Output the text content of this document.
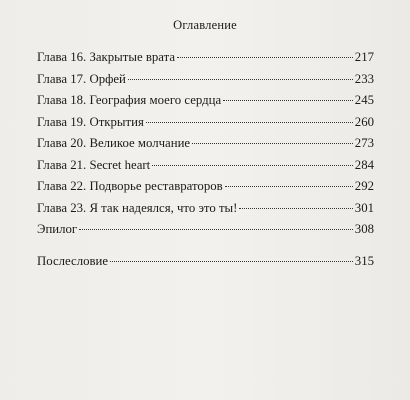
Оглавление
Глава 16. Закрытые врата	217
Глава 17. Орфей	233
Глава 18. География моего сердца	245
Глава 19. Открытия	260
Глава 20. Великое молчание	273
Глава 21. Secret heart	284
Глава 22. Подворье реставраторов	292
Глава 23. Я так надеялся, что это ты!	301
Эпилог	308
Послесловие	315
